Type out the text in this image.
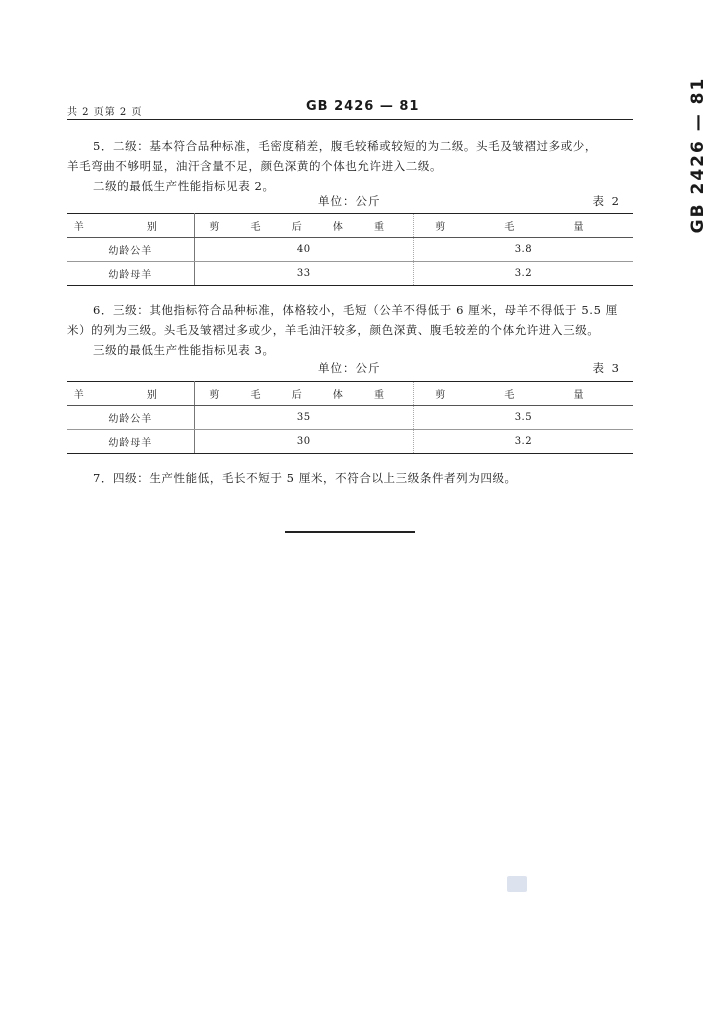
共 2 页第 2 页	GB 2426 — 81	GB 2426 — 81
5．二级：基本符合品种标准，毛密度稍差，腹毛较稀或较短的为二级。头毛及皱褶过多或少，
羊毛弯曲不够明显，油汗含量不足，颜色深黄的个体也允许进入二级。
二级的最低生产性能指标见表 2。
单位：公斤	表 2
羊 别	剪 毛 后 体 重	剪 毛 量
幼龄公羊	40	3.8
幼龄母羊	33	3.2
6．三级：其他指标符合品种标准，体格较小，毛短（公羊不得低于 6 厘米，母羊不得低于 5.5 厘
米）的列为三级。头毛及皱褶过多或少，羊毛油汗较多，颜色深黄、腹毛较差的个体允许进入三级。
三级的最低生产性能指标见表 3。
单位：公斤	表 3
羊 别	剪 毛 后 体 重	剪 毛 量
幼龄公羊	35	3.5
幼龄母羊	30	3.2
7．四级：生产性能低，毛长不短于 5 厘米，不符合以上三级条件者列为四级。
